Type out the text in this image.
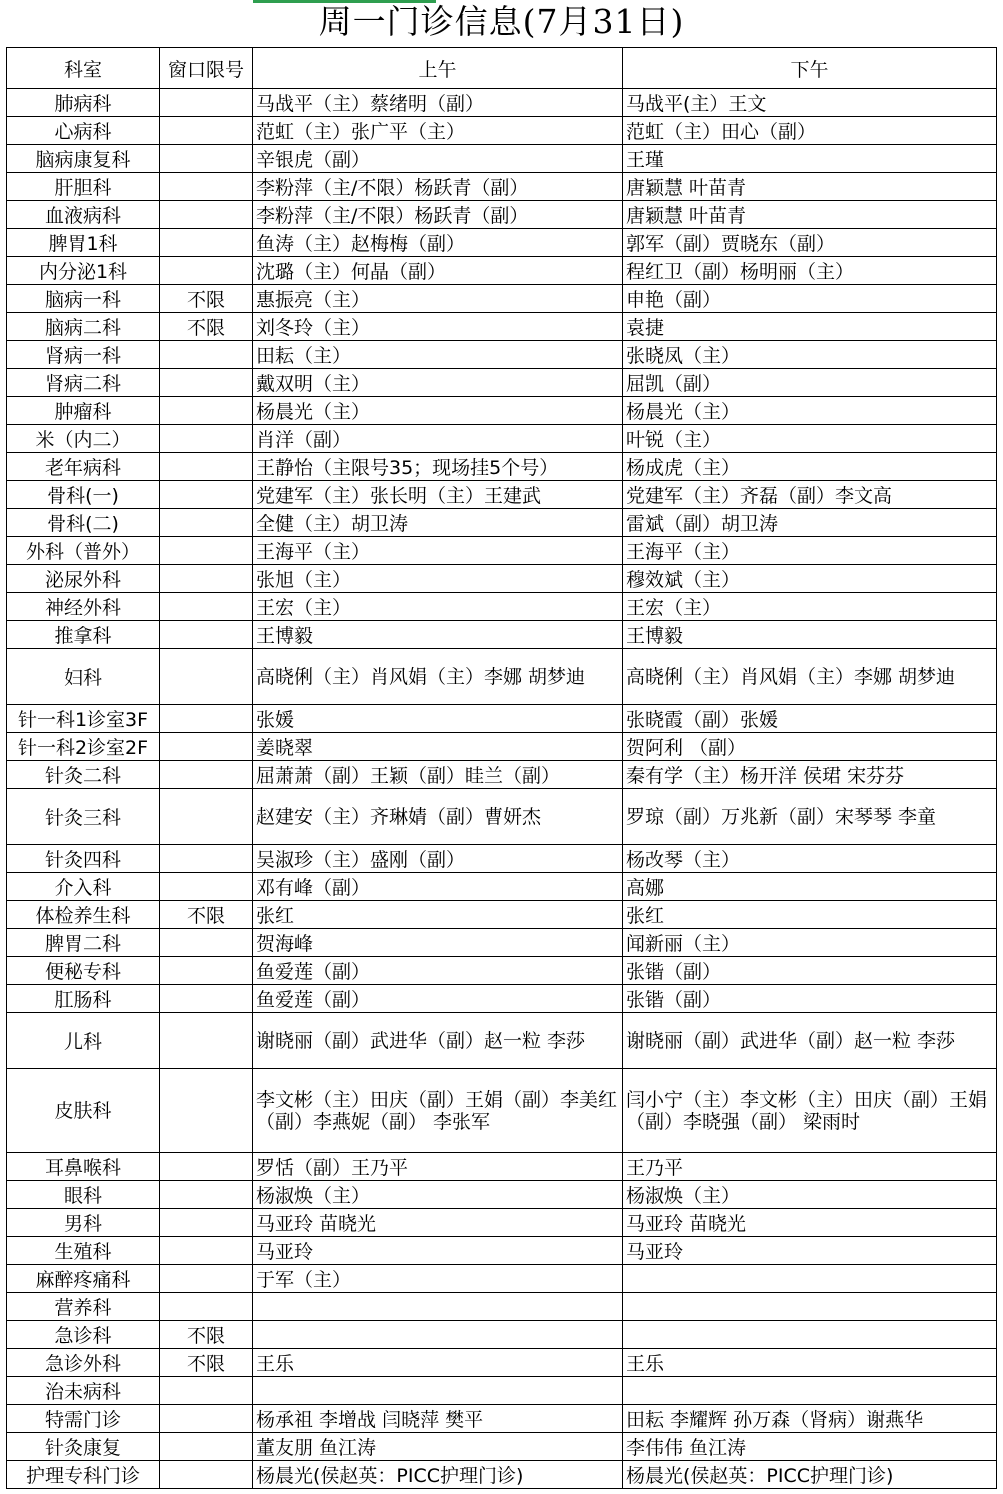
周一门诊信息(7月31日)
科室	窗口限号	上午	下午
肺病科		马战平（主）蔡绪明（副）	马战平(主）王文
心病科		范虹（主）张广平（主）	范虹（主）田心（副）
脑病康复科		辛银虎（副）	王瑾
肝胆科		李粉萍（主/不限）杨跃青（副）	唐颖慧 叶苗青
血液病科		李粉萍（主/不限）杨跃青（副）	唐颖慧 叶苗青
脾胃1科		鱼涛（主）赵梅梅（副）	郭军（副）贾晓东（副）
内分泌1科		沈璐（主）何晶（副）	程红卫（副）杨明丽（主）
脑病一科	不限	惠振亮（主）	申艳（副）
脑病二科	不限	刘冬玲（主）	袁捷
肾病一科		田耘（主）	张晓凤（主）
肾病二科		戴双明（主）	屈凯（副）
肿瘤科		杨晨光（主）	杨晨光（主）
米（内二）		肖洋（副）	叶锐（主）
老年病科		王静怡（主限号35；现场挂5个号）	杨成虎（主）
骨科(一)		党建军（主）张长明（主）王建武	党建军（主）齐磊（副）李文高
骨科(二)		全健（主）胡卫涛	雷斌（副）胡卫涛
外科（普外）		王海平（主）	王海平（主）
泌尿外科		张旭（主）	穆效斌（主）
神经外科		王宏（主）	王宏（主）
推拿科		王博毅	王博毅
妇科		高晓俐（主）肖风娟（主）李娜 胡梦迪	高晓俐（主）肖风娟（主）李娜 胡梦迪
针一科1诊室3F		张媛	张晓霞（副）张媛
针一科2诊室2F		姜晓翠	贺阿利 （副）
针灸二科		屈萧萧（副）王颖（副）眭兰（副）	秦有学（主）杨开洋 侯珺 宋芬芬
针灸三科		赵建安（主）齐琳婧（副）曹妍杰	罗琼（副）万兆新（副）宋琴琴 李童
针灸四科		吴淑珍（主）盛刚（副）	杨改琴（主）
介入科		邓有峰（副）	高娜
体检养生科	不限	张红	张红
脾胃二科		贺海峰	闻新丽（主）
便秘专科		鱼爱莲（副）	张锴（副）
肛肠科		鱼爱莲（副）	张锴（副）
儿科		谢晓丽（副）武进华（副）赵一粒 李莎	谢晓丽（副）武进华（副）赵一粒 李莎
皮肤科		李文彬（主）田庆（副）王娟（副）李美红（副）李燕妮（副） 李张军	闫小宁（主）李文彬（主）田庆（副）王娟（副）李晓强（副） 梁雨时
耳鼻喉科		罗恬（副）王乃平	王乃平
眼科		杨淑焕（主）	杨淑焕（主）
男科		马亚玲 苗晓光	马亚玲 苗晓光
生殖科		马亚玲	马亚玲
麻醉疼痛科		于军（主）	
营养科			
急诊科	不限		
急诊外科	不限	王乐	王乐
治未病科			
特需门诊		杨承祖 李增战 闫晓萍 樊平	田耘 李耀辉 孙万森（肾病）谢燕华
针灸康复		董友朋 鱼江涛	李伟伟 鱼江涛
护理专科门诊		杨晨光(侯赵英：PICC护理门诊)	杨晨光(侯赵英：PICC护理门诊)
